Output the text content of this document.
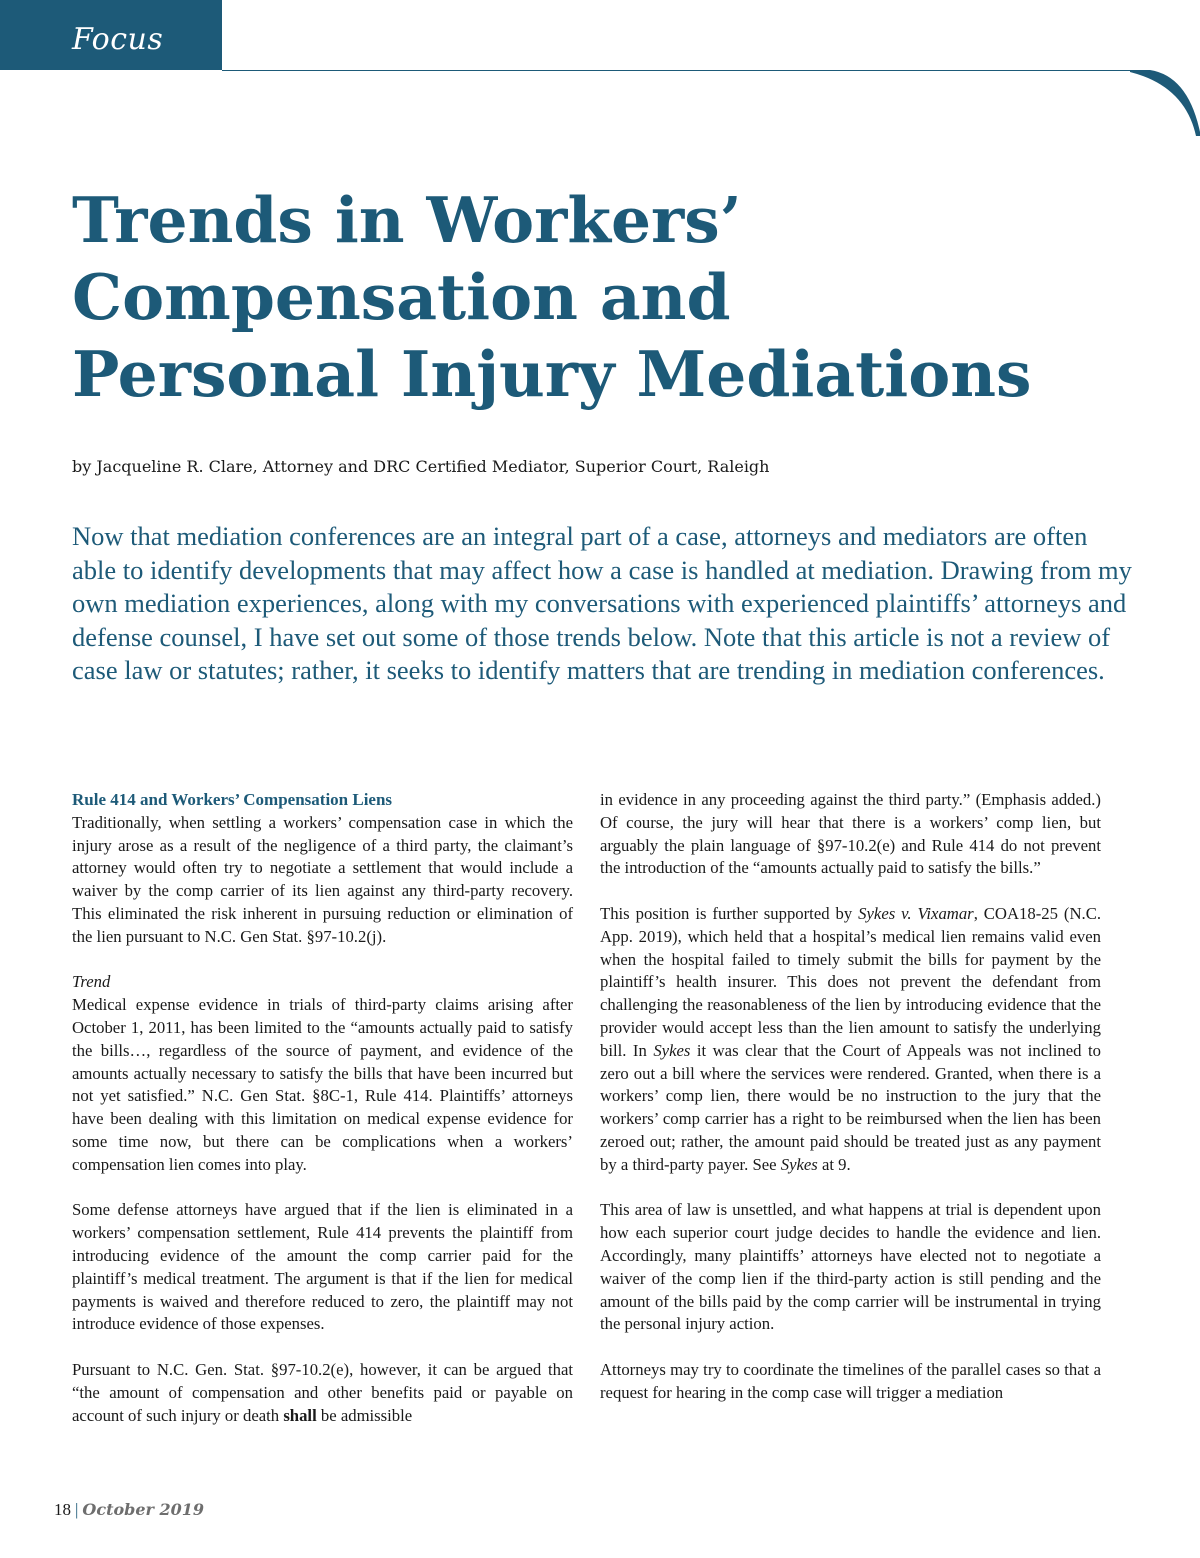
Focus
Trends in Workers’
Compensation and
Personal Injury Mediations
by Jacqueline R. Clare, Attorney and DRC Certified Mediator, Superior Court, Raleigh

Now that mediation conferences are an integral part of a case, attorneys and mediators are often able to identify developments that may affect how a case is handled at mediation. Drawing from my own mediation experiences, along with my conversations with experienced plaintiffs’ attorneys and defense counsel, I have set out some of those trends below. Note that this article is not a review of case law or statutes; rather, it seeks to identify matters that are trending in mediation conferences.

Rule 414 and Workers’ Compensation Liens

Traditionally, when settling a workers’ compensation case in which the injury arose as a result of the negligence of a third party, the claimant’s attorney would often try to negotiate a settlement that would include a waiver by the comp carrier of its lien against any third-party recovery. This eliminated the risk inherent in pursuing reduction or elimination of the lien pursuant to N.C. Gen Stat. §97-10.2(j).

Trend

Medical expense evidence in trials of third-party claims arising after October 1, 2011, has been limited to the “amounts actually paid to satisfy the bills…, regardless of the source of payment, and evidence of the amounts actually necessary to satisfy the bills that have been incurred but not yet satisfied.” N.C. Gen Stat. §8C-1, Rule 414. Plaintiffs’ attorneys have been dealing with this limitation on medical expense evidence for some time now, but there can be complications when a workers’ compensation lien comes into play.

Some defense attorneys have argued that if the lien is eliminated in a workers’ compensation settlement, Rule 414 prevents the plaintiff from introducing evidence of the amount the comp carrier paid for the plaintiff’s medical treatment. The argument is that if the lien for medical payments is waived and therefore reduced to zero, the plaintiff may not introduce evidence of those expenses.

Pursuant to N.C. Gen. Stat. §97-10.2(e), however, it can be argued that “the amount of compensation and other benefits paid or payable on account of such injury or death shall be admissible

in evidence in any proceeding against the third party.” (Emphasis added.) Of course, the jury will hear that there is a workers’ comp lien, but arguably the plain language of §97-10.2(e) and Rule 414 do not prevent the introduction of the “amounts actually paid to satisfy the bills.”

This position is further supported by Sykes v. Vixamar, COA18-25 (N.C. App. 2019), which held that a hospital’s medical lien remains valid even when the hospital failed to timely submit the bills for payment by the plaintiff’s health insurer. This does not prevent the defendant from challenging the reasonableness of the lien by introducing evidence that the provider would accept less than the lien amount to satisfy the underlying bill. In Sykes it was clear that the Court of Appeals was not inclined to zero out a bill where the services were rendered. Granted, when there is a workers’ comp lien, there would be no instruction to the jury that the workers’ comp carrier has a right to be reimbursed when the lien has been zeroed out; rather, the amount paid should be treated just as any payment by a third-party payer. See Sykes at 9.

This area of law is unsettled, and what happens at trial is dependent upon how each superior court judge decides to handle the evidence and lien. Accordingly, many plaintiffs’ attorneys have elected not to negotiate a waiver of the comp lien if the third-party action is still pending and the amount of the bills paid by the comp carrier will be instrumental in trying the personal injury action.

Attorneys may try to coordinate the timelines of the parallel cases so that a request for hearing in the comp case will trigger a mediation

18 | October 2019
